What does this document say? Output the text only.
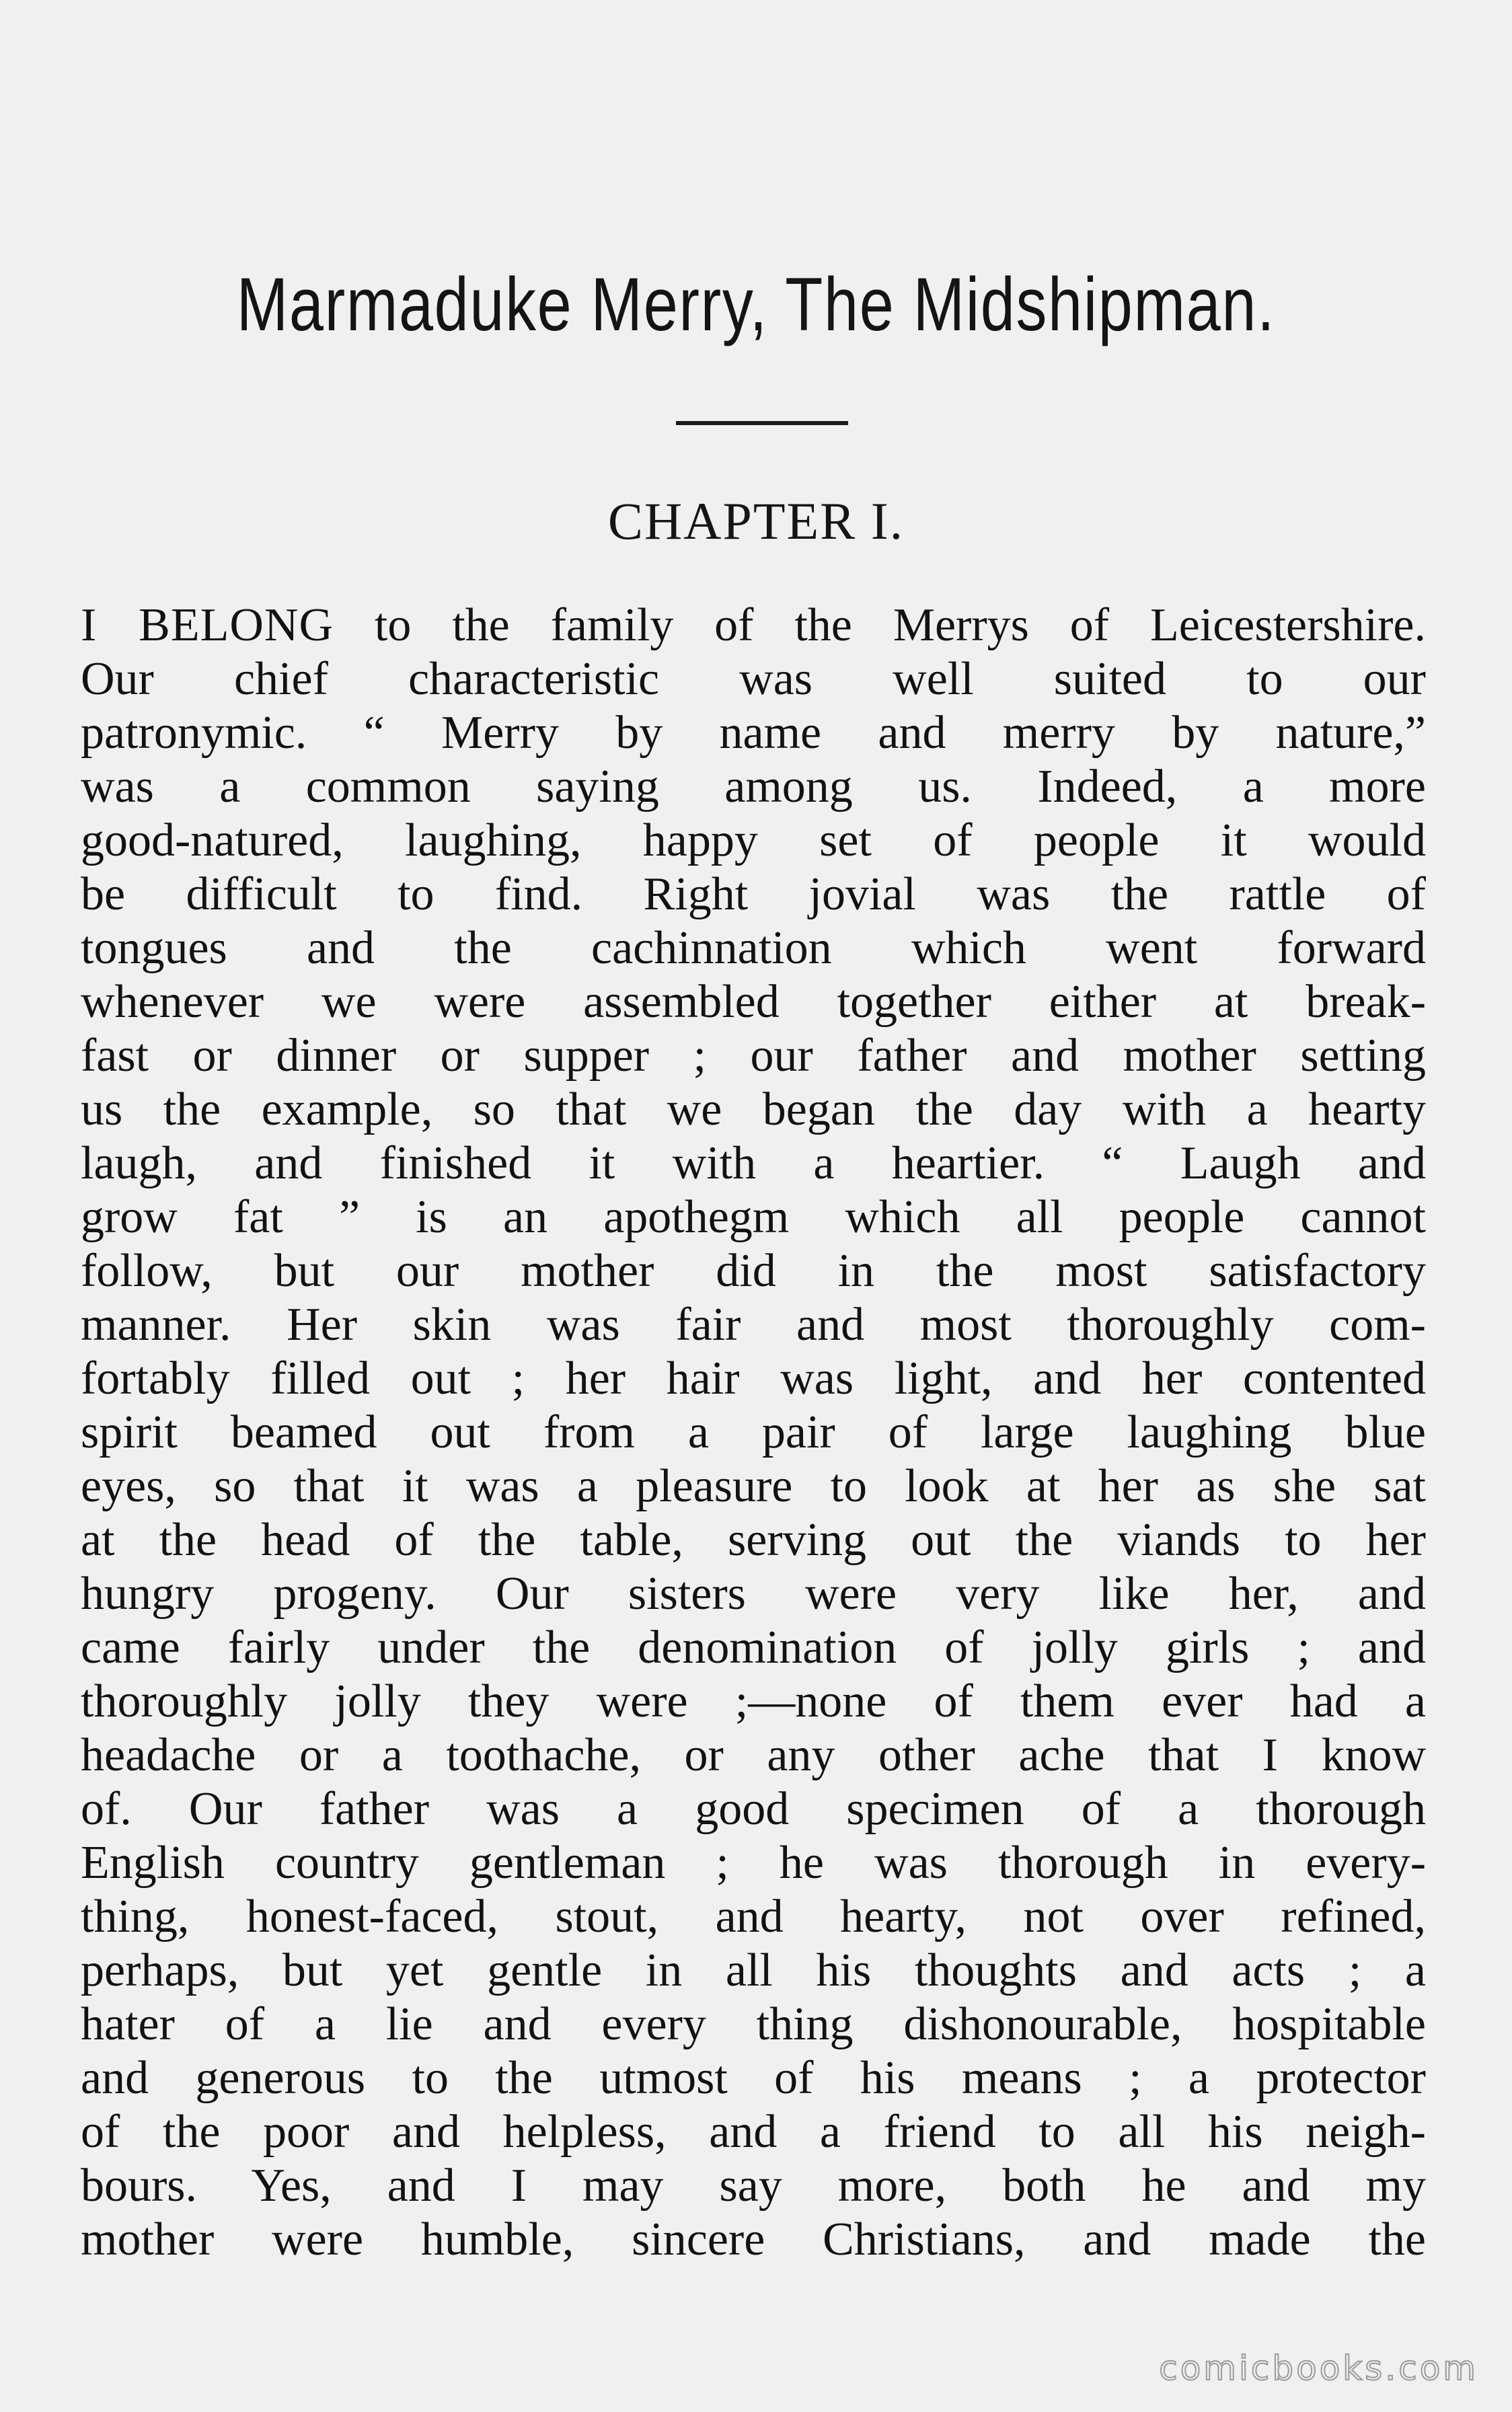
Marmaduke Merry, The Midshipman.
CHAPTER I.
I BELONG to the family of the Merrys of Leicestershire.
Our chief characteristic was well suited to our
patronymic. “ Merry by name and merry by nature,”
was a common saying among us. Indeed, a more
good-natured, laughing, happy set of people it would
be difficult to find. Right jovial was the rattle of
tongues and the cachinnation which went forward
whenever we were assembled together either at break-
fast or dinner or supper ; our father and mother setting
us the example, so that we began the day with a hearty
laugh, and finished it with a heartier. “ Laugh and
grow fat ” is an apothegm which all people cannot
follow, but our mother did in the most satisfactory
manner. Her skin was fair and most thoroughly com-
fortably filled out ; her hair was light, and her contented
spirit beamed out from a pair of large laughing blue
eyes, so that it was a pleasure to look at her as she sat
at the head of the table, serving out the viands to her
hungry progeny. Our sisters were very like her, and
came fairly under the denomination of jolly girls ; and
thoroughly jolly they were ;—none of them ever had a
headache or a toothache, or any other ache that I know
of. Our father was a good specimen of a thorough
English country gentleman ; he was thorough in every-
thing, honest-faced, stout, and hearty, not over refined,
perhaps, but yet gentle in all his thoughts and acts ; a
hater of a lie and every thing dishonourable, hospitable
and generous to the utmost of his means ; a protector
of the poor and helpless, and a friend to all his neigh-
bours. Yes, and I may say more, both he and my
mother were humble, sincere Christians, and made the
comicbooks.com
